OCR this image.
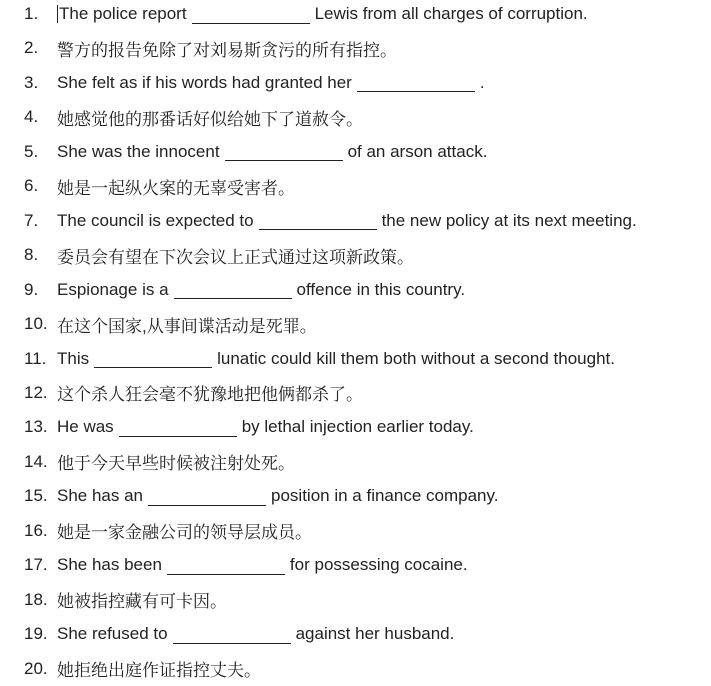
1.	The police report	Lewis from all charges of corruption.
2.	警方的报告免除了对刘易斯贪污的所有指控。
3.	She felt as if his words had granted her	.
4.	她感觉他的那番话好似给她下了道赦令。
5.	She was the innocent	of an arson attack.
6.	她是一起纵火案的无辜受害者。
7.	The council is expected to	the new policy at its next meeting.
8.	委员会有望在下次会议上正式通过这项新政策。
9.	Espionage is a	offence in this country.
10. 在这个国家,从事间谍活动是死罪。
11. This	lunatic could kill them both without a second thought.
12. 这个杀人狂会毫不犹豫地把他俩都杀了。
13. He was	by lethal injection earlier today.
14. 他于今天早些时候被注射处死。
15. She has an	position in a finance company.
16. 她是一家金融公司的领导层成员。
17. She has been	for possessing cocaine.
18. 她被指控藏有可卡因。
19. She refused to	against her husband.
20. 她拒绝出庭作证指控丈夫。
